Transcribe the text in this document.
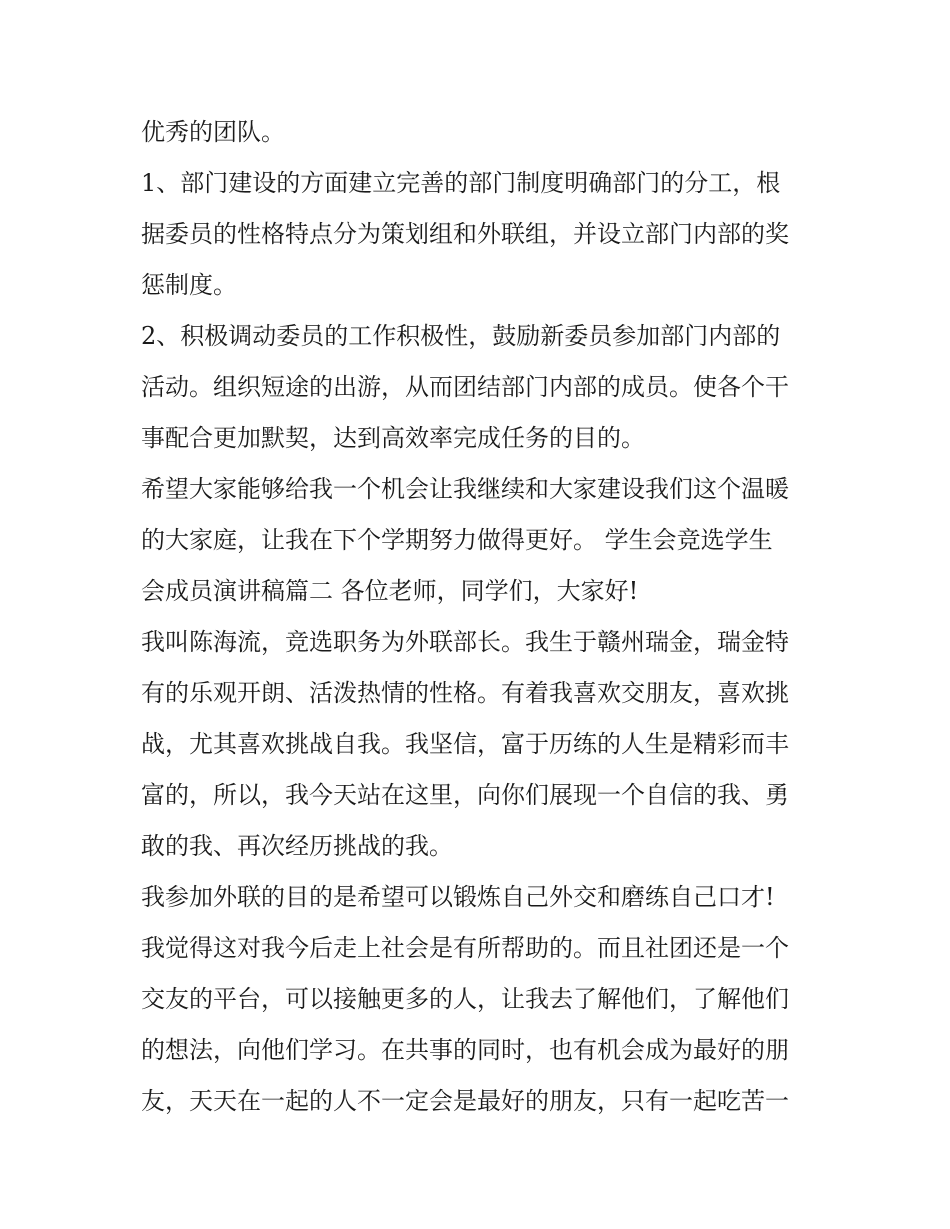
优秀的团队。
1、部门建设的方面建立完善的部门制度明确部门的分工，根
据委员的性格特点分为策划组和外联组，并设立部门内部的奖
惩制度。
2、积极调动委员的工作积极性，鼓励新委员参加部门内部的
活动。组织短途的出游，从而团结部门内部的成员。使各个干
事配合更加默契，达到高效率完成任务的目的。
希望大家能够给我一个机会让我继续和大家建设我们这个温暖
的大家庭，让我在下个学期努力做得更好。 学生会竞选学生
会成员演讲稿篇二 各位老师，同学们，大家好!
我叫陈海流，竞选职务为外联部长。我生于赣州瑞金，瑞金特
有的乐观开朗、活泼热情的性格。有着我喜欢交朋友，喜欢挑
战，尤其喜欢挑战自我。我坚信，富于历练的人生是精彩而丰
富的，所以，我今天站在这里，向你们展现一个自信的我、勇
敢的我、再次经历挑战的我。
我参加外联的目的是希望可以锻炼自己外交和磨练自己口才!
我觉得这对我今后走上社会是有所帮助的。而且社团还是一个
交友的平台，可以接触更多的人，让我去了解他们，了解他们
的想法，向他们学习。在共事的同时，也有机会成为最好的朋
友，天天在一起的人不一定会是最好的朋友，只有一起吃苦一
